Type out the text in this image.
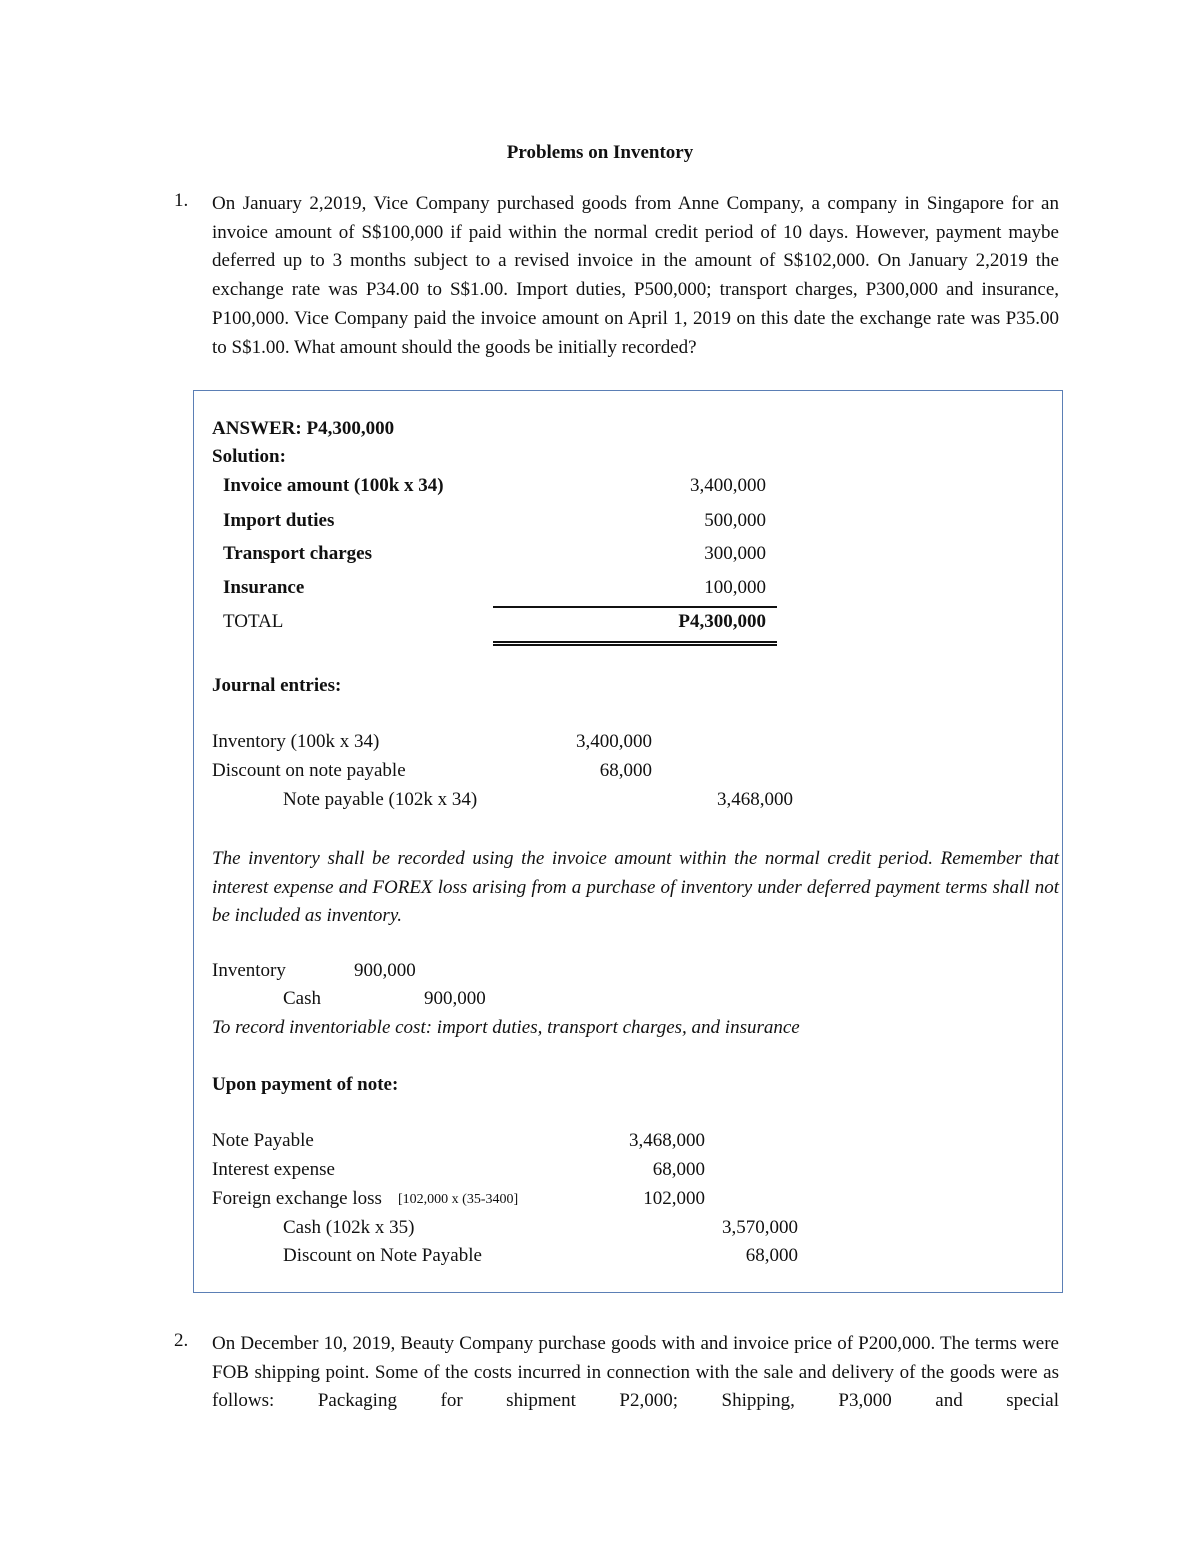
Problems on Inventory
1. On January 2,2019, Vice Company purchased goods from Anne Company, a company in Singapore for an invoice amount of S$100,000 if paid within the normal credit period of 10 days. However, payment maybe deferred up to 3 months subject to a revised invoice in the amount of S$102,000. On January 2,2019 the exchange rate was P34.00 to S$1.00. Import duties, P500,000; transport charges, P300,000 and insurance, P100,000. Vice Company paid the invoice amount on April 1, 2019 on this date the exchange rate was P35.00 to S$1.00. What amount should the goods be initially recorded?
ANSWER: P4,300,000
Solution:
Invoice amount (100k x 34)	3,400,000
Import duties	500,000
Transport charges	300,000
Insurance	100,000
TOTAL	P4,300,000
Journal entries:
Inventory (100k x 34)	3,400,000
Discount on note payable	68,000
Note payable (102k x 34)	3,468,000
The inventory shall be recorded using the invoice amount within the normal credit period. Remember that interest expense and FOREX loss arising from a purchase of inventory under deferred payment terms shall not be included as inventory.
Inventory	900,000
Cash	900,000
To record inventoriable cost: import duties, transport charges, and insurance
Upon payment of note:
Note Payable	3,468,000
Interest expense	68,000
Foreign exchange loss [102,000 x (35-3400]	102,000
Cash (102k x 35)	3,570,000
Discount on Note Payable	68,000
2. On December 10, 2019, Beauty Company purchase goods with and invoice price of P200,000. The terms were FOB shipping point. Some of the costs incurred in connection with the sale and delivery of the goods were as follows: Packaging for shipment P2,000; Shipping, P3,000 and special
